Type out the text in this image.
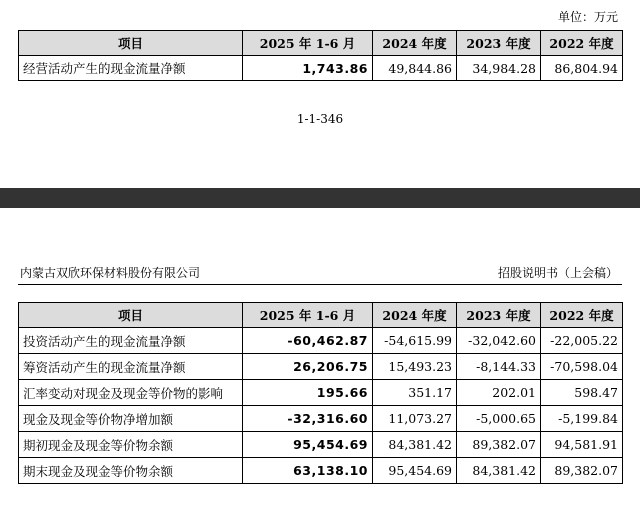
单位：万元
项目	2025 年 1-6 月	2024 年度	2023 年度	2022 年度
经营活动产生的现金流量净额	1,743.86	49,844.86	34,984.28	86,804.94
1-1-346
内蒙古双欣环保材料股份有限公司	招股说明书（上会稿）
项目	2025 年 1-6 月	2024 年度	2023 年度	2022 年度
投资活动产生的现金流量净额	-60,462.87	-54,615.99	-32,042.60	-22,005.22
筹资活动产生的现金流量净额	26,206.75	15,493.23	-8,144.33	-70,598.04
汇率变动对现金及现金等价物的影响	195.66	351.17	202.01	598.47
现金及现金等价物净增加额	-32,316.60	11,073.27	-5,000.65	-5,199.84
期初现金及现金等价物余额	95,454.69	84,381.42	89,382.07	94,581.91
期末现金及现金等价物余额	63,138.10	95,454.69	84,381.42	89,382.07
